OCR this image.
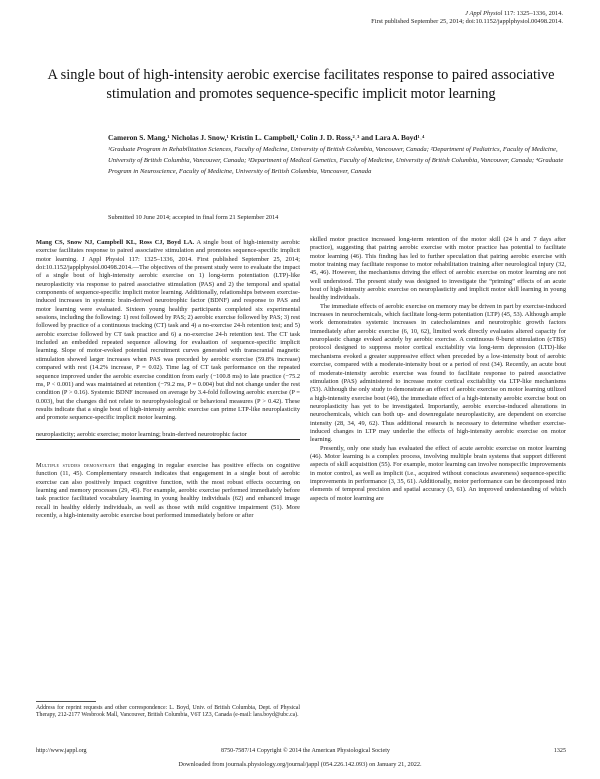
J Appl Physiol 117: 1325–1336, 2014.
First published September 25, 2014; doi:10.1152/japplphysiol.00498.2014.
A single bout of high-intensity aerobic exercise facilitates response to paired associative stimulation and promotes sequence-specific implicit motor learning
Cameron S. Mang,¹ Nicholas J. Snow,¹ Kristin L. Campbell,¹ Colin J. D. Ross,²˒³ and Lara A. Boyd¹˒⁴
¹Graduate Program in Rehabilitation Sciences, Faculty of Medicine, University of British Columbia, Vancouver, Canada; ²Department of Pediatrics, Faculty of Medicine, University of British Columbia, Vancouver, Canada; ³Department of Medical Genetics, Faculty of Medicine, University of British Columbia, Vancouver, Canada; ⁴Graduate Program in Neuroscience, Faculty of Medicine, University of British Columbia, Vancouver, Canada
Submitted 10 June 2014; accepted in final form 21 September 2014

Mang CS, Snow NJ, Campbell KL, Ross CJ, Boyd LA. A single bout of high-intensity aerobic exercise facilitates response to paired associative stimulation and promotes sequence-specific implicit motor learning. J Appl Physiol 117: 1325–1336, 2014. First published September 25, 2014; doi:10.1152/japplphysiol.00498.2014.—The objectives of the present study were to evaluate the impact of a single bout of high-intensity aerobic exercise on 1) long-term potentiation (LTP)-like neuroplasticity via response to paired associative stimulation (PAS) and 2) the temporal and spatial components of sequence-specific implicit motor learning. Additionally, relationships between exercise-induced increases in systemic brain-derived neurotrophic factor (BDNF) and response to PAS and motor learning were evaluated. Sixteen young healthy participants completed six experimental sessions, including the following: 1) rest followed by PAS; 2) aerobic exercise followed by PAS; 3) rest followed by practice of a continuous tracking (CT) task and 4) a no-exercise 24-h retention test; and 5) aerobic exercise followed by CT task practice and 6) a no-exercise 24-h retention test. The CT task included an embedded repeated sequence allowing for evaluation of sequence-specific implicit learning. Slope of motor-evoked potential recruitment curves generated with transcranial magnetic stimulation showed larger increases when PAS was preceded by aerobic exercise (59.8% increase) compared with rest (14.2% increase, P = 0.02). Time lag of CT task performance on the repeated sequence improved under the aerobic exercise condition from early (−100.8 ms) to late practice (−75.2 ms, P < 0.001) and was maintained at retention (−79.2 ms, P = 0.004) but did not change under the rest condition (P > 0.16). Systemic BDNF increased on average by 3.4-fold following aerobic exercise (P = 0.003), but the changes did not relate to neurophysiological or behavioral measures (P > 0.42). These results indicate that a single bout of high-intensity aerobic exercise can prime LTP-like neuroplasticity and promote sequence-specific implicit motor learning.

neuroplasticity; aerobic exercise; motor learning; brain-derived neurotrophic factor

Multiple studies demonstrate that engaging in regular exercise has positive effects on cognitive function (11, 45). Complementary research indicates that engagement in a single bout of aerobic exercise can also positively impact cognitive function, with the most robust effects occurring on learning and memory processes (29, 45). For example, aerobic exercise performed immediately before task practice facilitated vocabulary learning in young healthy individuals (62) and enhanced image recall in healthy elderly individuals, as well as those with mild cognitive impairment (51). More recently, a high-intensity aerobic exercise bout performed immediately before or after

Address for reprint requests and other correspondence: L. Boyd, Univ. of British Columbia, Dept. of Physical Therapy, 212-2177 Wesbrook Mall, Vancouver, British Columbia, V6T 1Z3, Canada (e-mail: lara.boyd@ubc.ca).

skilled motor practice increased long-term retention of the motor skill (24 h and 7 days after practice), suggesting that pairing aerobic exercise with motor practice has potential to facilitate motor learning (46). This finding has led to further speculation that pairing aerobic exercise with motor training may facilitate response to motor rehabilitation training after neurological injury (32, 45, 46). However, the mechanisms driving the effect of aerobic exercise on motor learning are not well understood. The present study was designed to investigate the “priming” effects of an acute bout of high-intensity aerobic exercise on neuroplasticity and implicit motor skill learning in young healthy individuals.

The immediate effects of aerobic exercise on memory may be driven in part by exercise-induced increases in neurochemicals, which facilitate long-term potentiation (LTP) (45, 53). Although ample work demonstrates systemic increases in catecholamines and neurotrophic growth factors immediately after aerobic exercise (6, 10, 62), limited work directly evaluates altered capacity for neuroplastic change evoked acutely by aerobic exercise. A continuous θ-burst stimulation (cTBS) protocol designed to suppress motor cortical excitability via long-term depression (LTD)-like mechanisms evoked a greater suppressive effect when preceded by a low-intensity bout of aerobic exercise, compared with a moderate-intensity bout or a period of rest (34). Recently, an acute bout of moderate-intensity aerobic exercise was found to facilitate response to paired associative stimulation (PAS) administered to increase motor cortical excitability via LTP-like mechanisms (53). Although the only study to demonstrate an effect of aerobic exercise on motor learning utilized a high-intensity exercise bout (46), the immediate effect of a high-intensity aerobic exercise bout on neuroplasticity has yet to be investigated. Importantly, aerobic exercise-induced alterations in neurochemicals, which can both up- and downregulate neuroplasticity, are dependent on exercise intensity (28, 34, 49, 62). Thus additional research is necessary to determine whether exercise-induced changes in LTP may underlie the effects of high-intensity aerobic exercise on motor learning.

Presently, only one study has evaluated the effect of acute aerobic exercise on motor learning (46). Motor learning is a complex process, involving multiple brain systems that support different aspects of skill acquisition (55). For example, motor learning can involve nonspecific improvements in motor control, as well as implicit (i.e., acquired without conscious awareness) sequence-specific improvements in performance (3, 35, 61). Additionally, motor performance can be decomposed into elements of temporal precision and spatial accuracy (3, 61). An improved understanding of which aspects of motor learning are

http://www.jappl.org	8750-7587/14 Copyright © 2014 the American Physiological Society	1325
Downloaded from journals.physiology.org/journal/jappl (054.226.142.093) on January 21, 2022.
